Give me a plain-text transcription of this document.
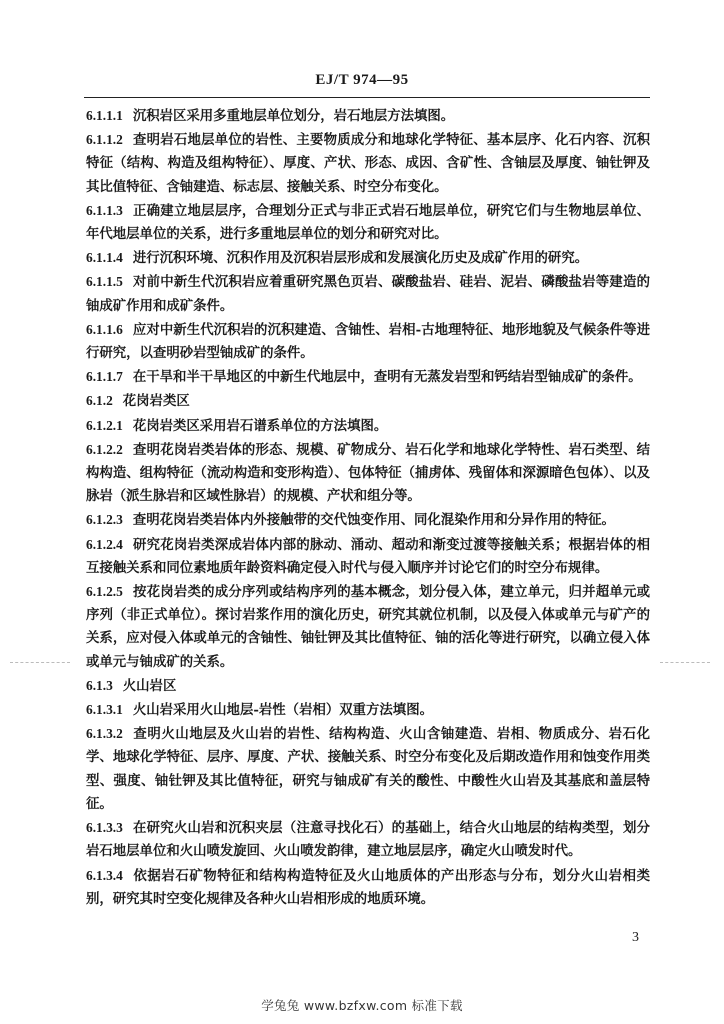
EJ/T 974—95

6.1.1.1 沉积岩区采用多重地层单位划分，岩石地层方法填图。

6.1.1.2 查明岩石地层单位的岩性、主要物质成分和地球化学特征、基本层序、化石内容、沉积特征（结构、构造及组构特征）、厚度、产状、形态、成因、含矿性、含铀层及厚度、铀钍钾及其比值特征、含铀建造、标志层、接触关系、时空分布变化。

6.1.1.3 正确建立地层层序，合理划分正式与非正式岩石地层单位，研究它们与生物地层单位、年代地层单位的关系，进行多重地层单位的划分和研究对比。

6.1.1.4 进行沉积环境、沉积作用及沉积岩层形成和发展演化历史及成矿作用的研究。

6.1.1.5 对前中新生代沉积岩应着重研究黑色页岩、碳酸盐岩、硅岩、泥岩、磷酸盐岩等建造的铀成矿作用和成矿条件。

6.1.1.6 应对中新生代沉积岩的沉积建造、含铀性、岩相-古地理特征、地形地貌及气候条件等进行研究，以查明砂岩型铀成矿的条件。

6.1.1.7 在干旱和半干旱地区的中新生代地层中，查明有无蒸发岩型和钙结岩型铀成矿的条件。

6.1.2 花岗岩类区

6.1.2.1 花岗岩类区采用岩石谱系单位的方法填图。

6.1.2.2 查明花岗岩类岩体的形态、规模、矿物成分、岩石化学和地球化学特性、岩石类型、结构构造、组构特征（流动构造和变形构造）、包体特征（捕虏体、残留体和深源暗色包体）、以及脉岩（派生脉岩和区域性脉岩）的规模、产状和组分等。

6.1.2.3 查明花岗岩类岩体内外接触带的交代蚀变作用、同化混染作用和分异作用的特征。

6.1.2.4 研究花岗岩类深成岩体内部的脉动、涌动、超动和渐变过渡等接触关系；根据岩体的相互接触关系和同位素地质年龄资料确定侵入时代与侵入顺序并讨论它们的时空分布规律。

6.1.2.5 按花岗岩类的成分序列或结构序列的基本概念，划分侵入体，建立单元，归并超单元或序列（非正式单位）。探讨岩浆作用的演化历史，研究其就位机制，以及侵入体或单元与矿产的关系，应对侵入体或单元的含铀性、铀钍钾及其比值特征、铀的活化等进行研究，以确立侵入体或单元与铀成矿的关系。

6.1.3 火山岩区

6.1.3.1 火山岩采用火山地层-岩性（岩相）双重方法填图。

6.1.3.2 查明火山地层及火山岩的岩性、结构构造、火山含铀建造、岩相、物质成分、岩石化学、地球化学特征、层序、厚度、产状、接触关系、时空分布变化及后期改造作用和蚀变作用类型、强度、铀钍钾及其比值特征，研究与铀成矿有关的酸性、中酸性火山岩及其基底和盖层特征。

6.1.3.3 在研究火山岩和沉积夹层（注意寻找化石）的基础上，结合火山地层的结构类型，划分岩石地层单位和火山喷发旋回、火山喷发韵律，建立地层层序，确定火山喷发时代。

6.1.3.4 依据岩石矿物特征和结构构造特征及火山地质体的产出形态与分布，划分火山岩相类别，研究其时空变化规律及各种火山岩相形成的地质环境。

3
学兔兔 www.bzfxw.com 标准下载
